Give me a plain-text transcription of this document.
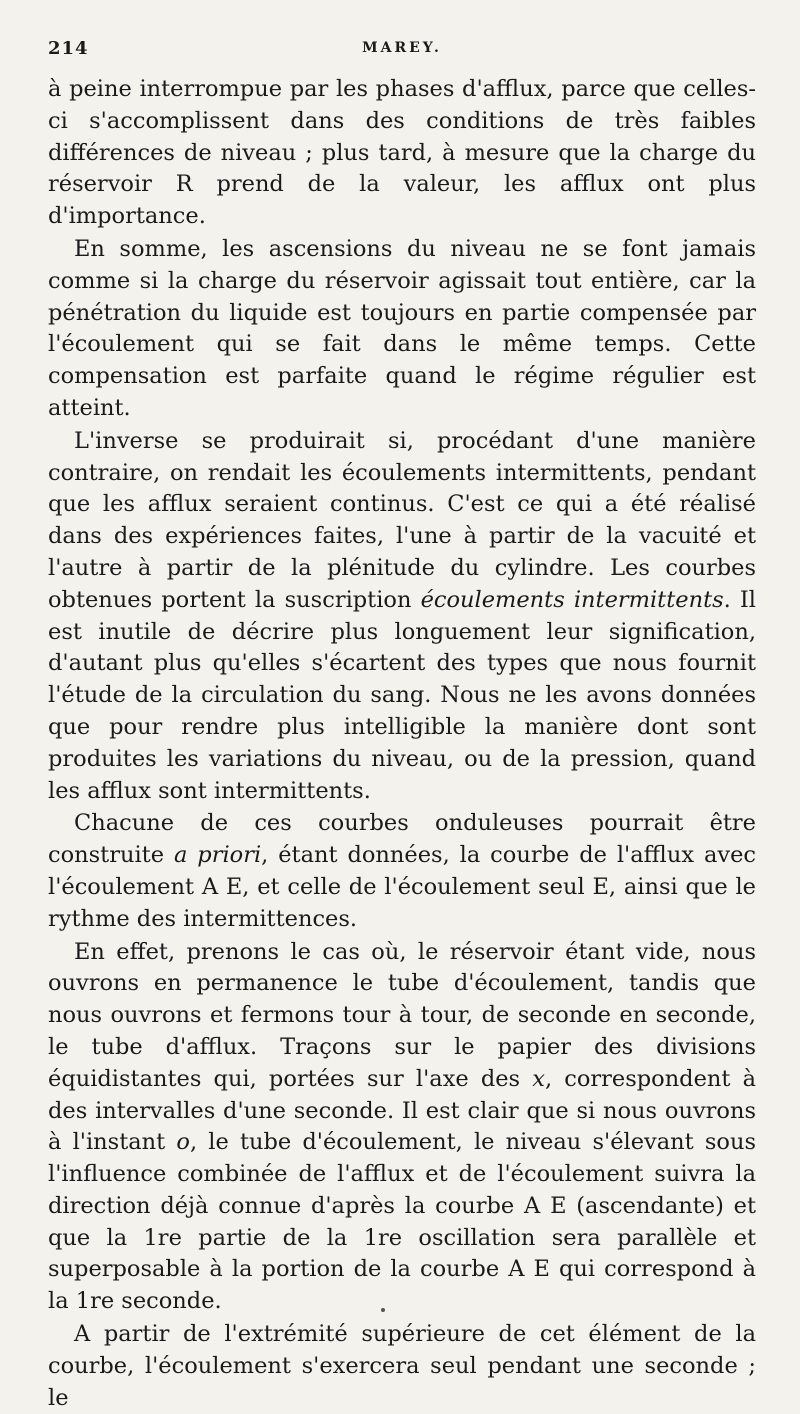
214	MAREY.

à peine interrompue par les phases d'afflux, parce que celles-ci s'accomplissent dans des conditions de très faibles différences de niveau ; plus tard, à mesure que la charge du réservoir R prend de la valeur, les afflux ont plus d'importance.

En somme, les ascensions du niveau ne se font jamais comme si la charge du réservoir agissait tout entière, car la pénétration du liquide est toujours en partie compensée par l'écoulement qui se fait dans le même temps. Cette compensation est parfaite quand le régime régulier est atteint.

L'inverse se produirait si, procédant d'une manière contraire, on rendait les écoulements intermittents, pendant que les afflux seraient continus. C'est ce qui a été réalisé dans des expériences faites, l'une à partir de la vacuité et l'autre à partir de la plénitude du cylindre. Les courbes obtenues portent la suscription écoulements intermittents. Il est inutile de décrire plus longuement leur signification, d'autant plus qu'elles s'écartent des types que nous fournit l'étude de la circulation du sang. Nous ne les avons données que pour rendre plus intelligible la manière dont sont produites les variations du niveau, ou de la pression, quand les afflux sont intermittents.

Chacune de ces courbes onduleuses pourrait être construite a priori, étant données, la courbe de l'afflux avec l'écoulement A E, et celle de l'écoulement seul E, ainsi que le rythme des intermittences.

En effet, prenons le cas où, le réservoir étant vide, nous ouvrons en permanence le tube d'écoulement, tandis que nous ouvrons et fermons tour à tour, de seconde en seconde, le tube d'afflux. Traçons sur le papier des divisions équidistantes qui, portées sur l'axe des x, correspondent à des intervalles d'une seconde. Il est clair que si nous ouvrons à l'instant o, le tube d'écoulement, le niveau s'élevant sous l'influence combinée de l'afflux et de l'écoulement suivra la direction déjà connue d'après la courbe A E (ascendante) et que la 1re partie de la 1re oscillation sera parallèle et superposable à la portion de la courbe A E qui correspond à la 1re seconde.

A partir de l'extrémité supérieure de cet élément de la courbe, l'écoulement s'exercera seul pendant une seconde ; le
